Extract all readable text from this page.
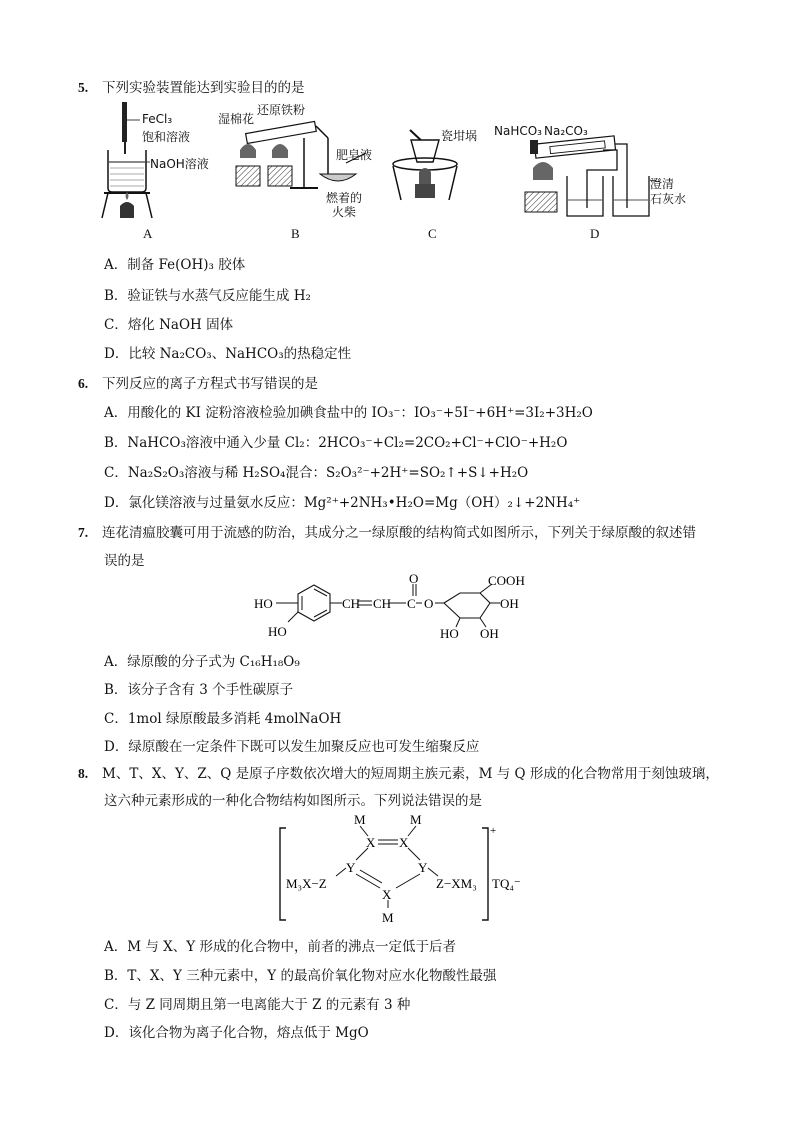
5. 下列实验装置能达到实验目的的是
FeCl₃
饱和溶液
NaOH溶液
A
湿棉花
还原铁粉
肥皂液
燃着的
火柴
B
瓷坩埚
C
NaHCO₃ Na₂CO₃
澄清
石灰水
D
A．制备 Fe(OH)₃ 胶体
B．验证铁与水蒸气反应能生成 H₂
C．熔化 NaOH 固体
D．比较 Na₂CO₃、NaHCO₃的热稳定性
6. 下列反应的离子方程式书写错误的是
A．用酸化的 KI 淀粉溶液检验加碘食盐中的 IO₃⁻：IO₃⁻+5I⁻+6H⁺=3I₂+3H₂O
B．NaHCO₃溶液中通入少量 Cl₂：2HCO₃⁻+Cl₂=2CO₂+Cl⁻+ClO⁻+H₂O
C．Na₂S₂O₃溶液与稀 H₂SO₄混合：S₂O₃²⁻+2H⁺=SO₂↑+S↓+H₂O
D．氯化镁溶液与过量氨水反应：Mg²⁺+2NH₃•H₂O=Mg（OH）₂↓+2NH₄⁺
7. 连花清瘟胶囊可用于流感的防治，其成分之一绿原酸的结构简式如图所示，下列关于绿原酸的叙述错
误的是
HO
HO
CH CH C
O
O
COOH
OH
HO OH
A．绿原酸的分子式为 C₁₆H₁₈O₉
B．该分子含有 3 个手性碳原子
C．1mol 绿原酸最多消耗 4molNaOH
D．绿原酸在一定条件下既可以发生加聚反应也可发生缩聚反应
8. M、T、X、Y、Z、Q 是原子序数依次增大的短周期主族元素，M 与 Q 形成的化合物常用于刻蚀玻璃，
这六种元素形成的一种化合物结构如图所示。下列说法错误的是
M	M
X X
Y	Y
X
M
M₃X−Z	Z−XM₃
+
TQ₄⁻
A．M 与 X、Y 形成的化合物中，前者的沸点一定低于后者
B．T、X、Y 三种元素中，Y 的最高价氧化物对应水化物酸性最强
C．与 Z 同周期且第一电离能大于 Z 的元素有 3 种
D．该化合物为离子化合物，熔点低于 MgO
